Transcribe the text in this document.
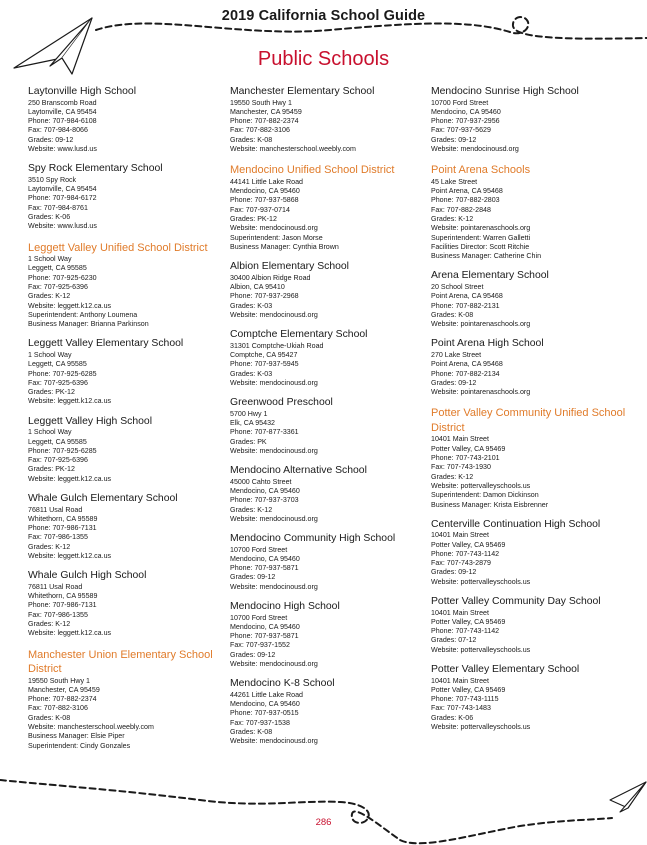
2019 California School Guide
Public Schools
Laytonville High School
250 Branscomb Road
Laytonville, CA 95454
Phone: 707-984-6108
Fax: 707-984-8066
Grades: 09-12
Website: www.lusd.us
Spy Rock Elementary School
3510 Spy Rock
Laytonville, CA 95454
Phone: 707-984-6172
Fax: 707-984-8761
Grades: K-06
Website: www.lusd.us
Leggett Valley Unified School District
1 School Way
Leggett, CA 95585
Phone: 707-925-6230
Fax: 707-925-6396
Grades: K-12
Website: leggett.k12.ca.us
Superintendent: Anthony Loumena
Business Manager: Brianna Parkinson
Leggett Valley Elementary School
1 School Way
Leggett, CA 95585
Phone: 707-925-6285
Fax: 707-925-6396
Grades: PK-12
Website: leggett.k12.ca.us
Leggett Valley High School
1 School Way
Leggett, CA 95585
Phone: 707-925-6285
Fax: 707-925-6396
Grades: PK-12
Website: leggett.k12.ca.us
Whale Gulch Elementary School
76811 Usal Road
Whitethorn, CA 95589
Phone: 707-986-7131
Fax: 707-986-1355
Grades: K-12
Website: leggett.k12.ca.us
Whale Gulch High School
76811 Usal Road
Whitethorn, CA 95589
Phone: 707-986-7131
Fax: 707-986-1355
Grades: K-12
Website: leggett.k12.ca.us
Manchester Union Elementary School District
19550 South Hwy 1
Manchester, CA 95459
Phone: 707-882-2374
Fax: 707-882-3106
Grades: K-08
Website: manchesterschool.weebly.com
Business Manager: Elsie Piper
Superintendent: Cindy Gonzales
Manchester Elementary School
19550 South Hwy 1
Manchester, CA 95459
Phone: 707-882-2374
Fax: 707-882-3106
Grades: K-08
Website: manchesterschool.weebly.com
Mendocino Unified School District
44141 Little Lake Road
Mendocino, CA 95460
Phone: 707-937-5868
Fax: 707-937-0714
Grades: PK-12
Website: mendocinousd.org
Superintendent: Jason Morse
Business Manager: Cynthia Brown
Albion Elementary School
30400 Albion Ridge Road
Albion, CA 95410
Phone: 707-937-2968
Grades: K-03
Website: mendocinousd.org
Comptche Elementary School
31301 Comptche-Ukiah Road
Comptche, CA 95427
Phone: 707-937-5945
Grades: K-03
Website: mendocinousd.org
Greenwood Preschool
5700 Hwy 1
Elk, CA 95432
Phone: 707-877-3361
Grades: PK
Website: mendocinousd.org
Mendocino Alternative School
45000 Cahto Street
Mendocino, CA 95460
Phone: 707-937-3703
Grades: K-12
Website: mendocinousd.org
Mendocino Community High School
10700 Ford Street
Mendocino, CA 95460
Phone: 707-937-5871
Grades: 09-12
Website: mendocinousd.org
Mendocino High School
10700 Ford Street
Mendocino, CA 95460
Phone: 707-937-5871
Fax: 707-937-1552
Grades: 09-12
Website: mendocinousd.org
Mendocino K-8 School
44261 Little Lake Road
Mendocino, CA 95460
Phone: 707-937-0515
Fax: 707-937-1538
Grades: K-08
Website: mendocinousd.org
Mendocino Sunrise High School
10700 Ford Street
Mendocino, CA 95460
Phone: 707-937-2956
Fax: 707-937-5629
Grades: 09-12
Website: mendocinousd.org
Point Arena Schools
45 Lake Street
Point Arena, CA 95468
Phone: 707-882-2803
Fax: 707-882-2848
Grades: K-12
Website: pointarenaschools.org
Superintendent: Warren Galletti
Facilities Director: Scott Ritchie
Business Manager: Catherine Chin
Arena Elementary School
20 School Street
Point Arena, CA 95468
Phone: 707-882-2131
Grades: K-08
Website: pointarenaschools.org
Point Arena High School
270 Lake Street
Point Arena, CA 95468
Phone: 707-882-2134
Grades: 09-12
Website: pointarenaschools.org
Potter Valley Community Unified School District
10401 Main Street
Potter Valley, CA 95469
Phone: 707-743-2101
Fax: 707-743-1930
Grades: K-12
Website: pottervalleyschools.us
Superintendent: Damon Dickinson
Business Manager: Krista Eisbrenner
Centerville Continuation High School
10401 Main Street
Potter Valley, CA 95469
Phone: 707-743-1142
Fax: 707-743-2879
Grades: 09-12
Website: pottervalleyschools.us
Potter Valley Community Day School
10401 Main Street
Potter Valley, CA 95469
Phone: 707-743-1142
Grades: 07-12
Website: pottervalleyschools.us
Potter Valley Elementary School
10401 Main Street
Potter Valley, CA 95469
Phone: 707-743-1115
Fax: 707-743-1483
Grades: K-06
Website: pottervalleyschools.us
286
